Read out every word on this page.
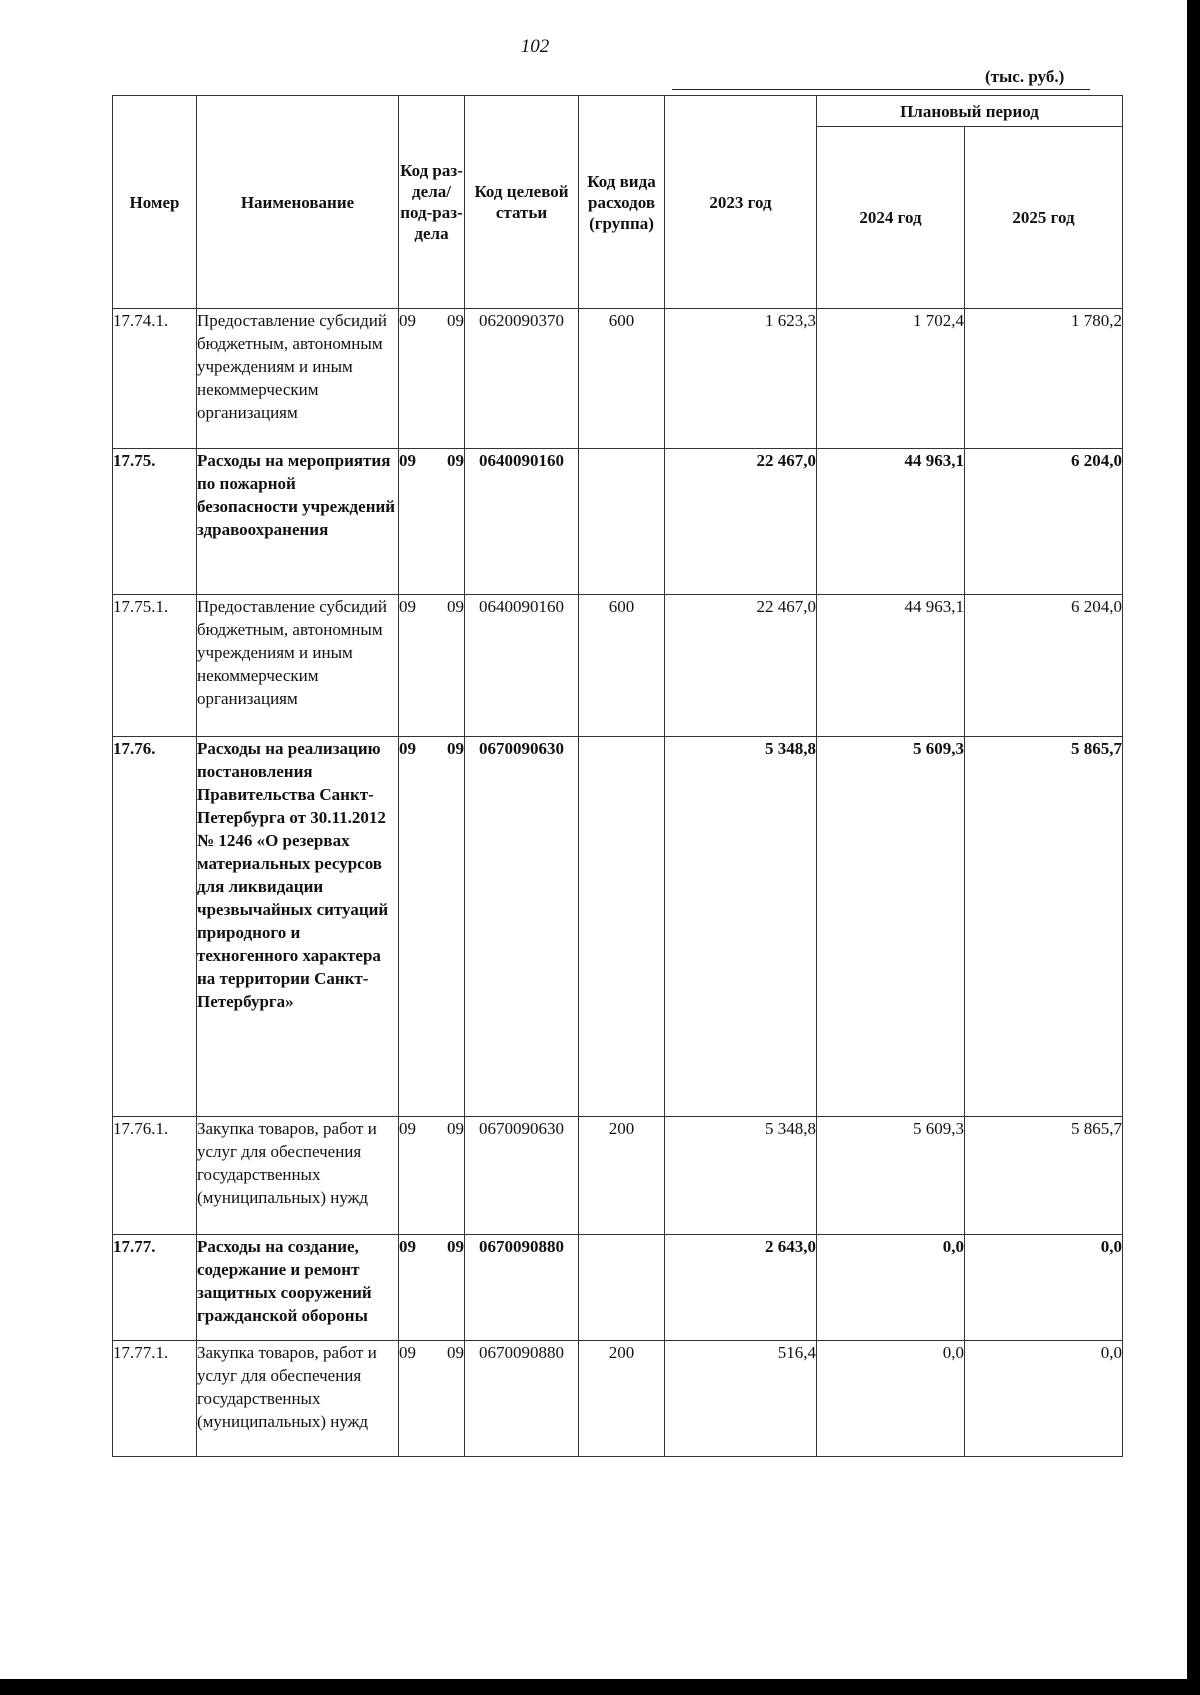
102
(тыс. руб.)
Номер	Наименование	Код раз-дела/ под-раз-дела	Код целевой статьи	Код вида расходов (группа)	2023 год	Плановый период	
						2024 год	2025 год
17.74.1.	Предоставление субсидий бюджетным, автономным учреждениям и иным некоммерческим организациям	09 09	0620090370	600	1 623,3	1 702,4	1 780,2
17.75.	Расходы на мероприятия по пожарной безопасности учреждений здравоохранения	09 09	0640090160		22 467,0	44 963,1	6 204,0
17.75.1.	Предоставление субсидий бюджетным, автономным учреждениям и иным некоммерческим организациям	09 09	0640090160	600	22 467,0	44 963,1	6 204,0
17.76.	Расходы на реализацию постановления Правительства Санкт-Петербурга от 30.11.2012 № 1246 «О резервах материальных ресурсов для ликвидации чрезвычайных ситуаций природного и техногенного характера на территории Санкт-Петербурга»	09 09	0670090630		5 348,8	5 609,3	5 865,7
17.76.1.	Закупка товаров, работ и услуг для обеспечения государственных (муниципальных) нужд	09 09	0670090630	200	5 348,8	5 609,3	5 865,7
17.77.	Расходы на создание, содержание и ремонт защитных сооружений гражданской обороны	09 09	0670090880		2 643,0	0,0	0,0
17.77.1.	Закупка товаров, работ и услуг для обеспечения государственных (муниципальных) нужд	09 09	0670090880	200	516,4	0,0	0,0
